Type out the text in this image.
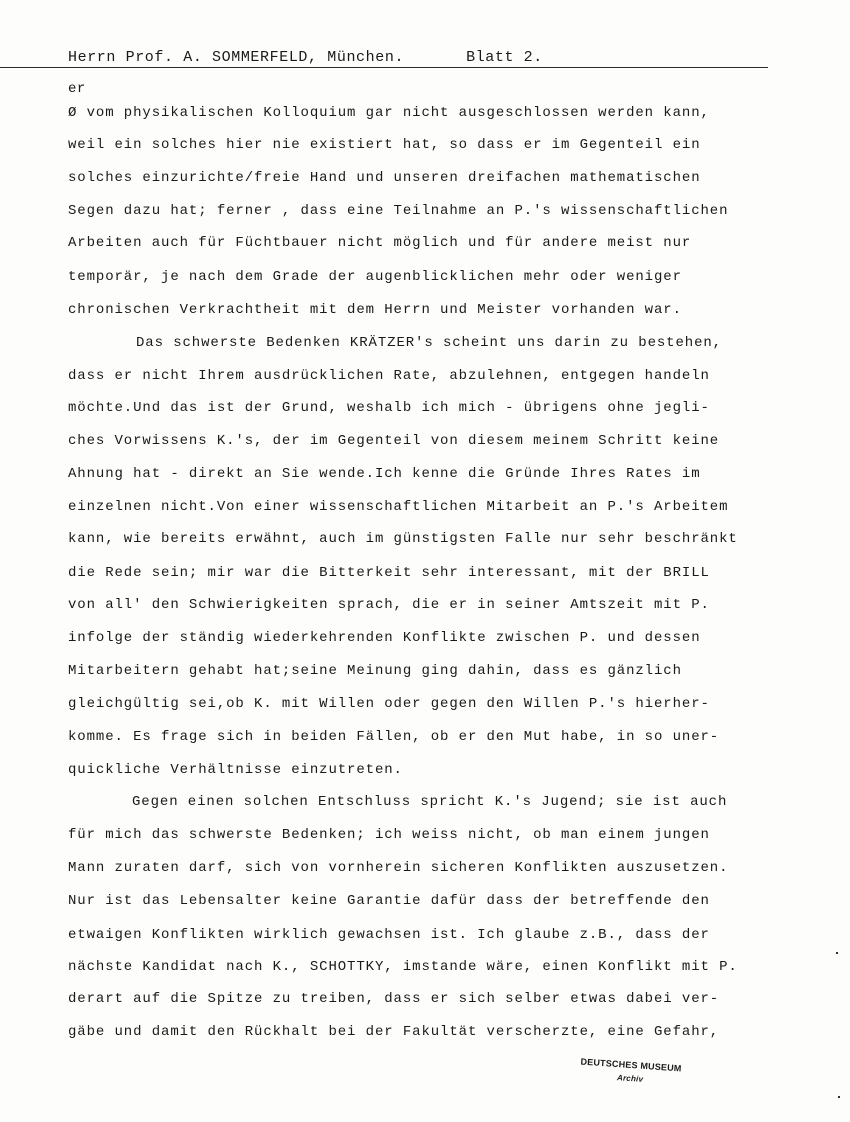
Herrn Prof. A. SOMMERFELD, München.	Blatt 2.
er
Ø vom physikalischen Kolloquium gar nicht ausgeschlossen werden kann,
weil ein solches hier nie existiert hat, so dass er im Gegenteil ein
solches einzurichte/freie Hand und unseren dreifachen mathematischen
Segen dazu hat; ferner , dass eine Teilnahme an P.'s wissenschaftlichen
Arbeiten auch für Füchtbauer nicht möglich und für andere meist nur
temporär, je nach dem Grade der augenblicklichen mehr oder weniger
chronischen Verkrachtheit mit dem Herrn und Meister vorhanden war.
Das schwerste Bedenken KRÄTZER's scheint uns darin zu bestehen,
dass er nicht Ihrem ausdrücklichen Rate, abzulehnen, entgegen handeln
möchte.Und das ist der Grund, weshalb ich mich - übrigens ohne jegli-
ches Vorwissens K.'s, der im Gegenteil von diesem meinem Schritt keine
Ahnung hat - direkt an Sie wende.Ich kenne die Gründe Ihres Rates im
einzelnen nicht.Von einer wissenschaftlichen Mitarbeit an P.'s Arbeitem
kann, wie bereits erwähnt, auch im günstigsten Falle nur sehr beschränkt
die Rede sein; mir war die Bitterkeit sehr interessant, mit der BRILL
von all' den Schwierigkeiten sprach, die er in seiner Amtszeit mit P.
infolge der ständig wiederkehrenden Konflikte zwischen P. und dessen
Mitarbeitern gehabt hat;seine Meinung ging dahin, dass es gänzlich
gleichgültig sei,ob K. mit Willen oder gegen den Willen P.'s hierher-
komme. Es frage sich in beiden Fällen, ob er den Mut habe, in so uner-
quickliche Verhältnisse einzutreten.
Gegen einen solchen Entschluss spricht K.'s Jugend; sie ist auch
für mich das schwerste Bedenken; ich weiss nicht, ob man einem jungen
Mann zuraten darf, sich von vornherein sicheren Konflikten auszusetzen.
Nur ist das Lebensalter keine Garantie dafür dass der betreffende den
etwaigen Konflikten wirklich gewachsen ist. Ich glaube z.B., dass der
nächste Kandidat nach K., SCHOTTKY, imstande wäre, einen Konflikt mit P.
derart auf die Spitze zu treiben, dass er sich selber etwas dabei ver-
gäbe und damit den Rückhalt bei der Fakultät verscherzte, eine Gefahr,
DEUTSCHES MUSEUM
Archiv
